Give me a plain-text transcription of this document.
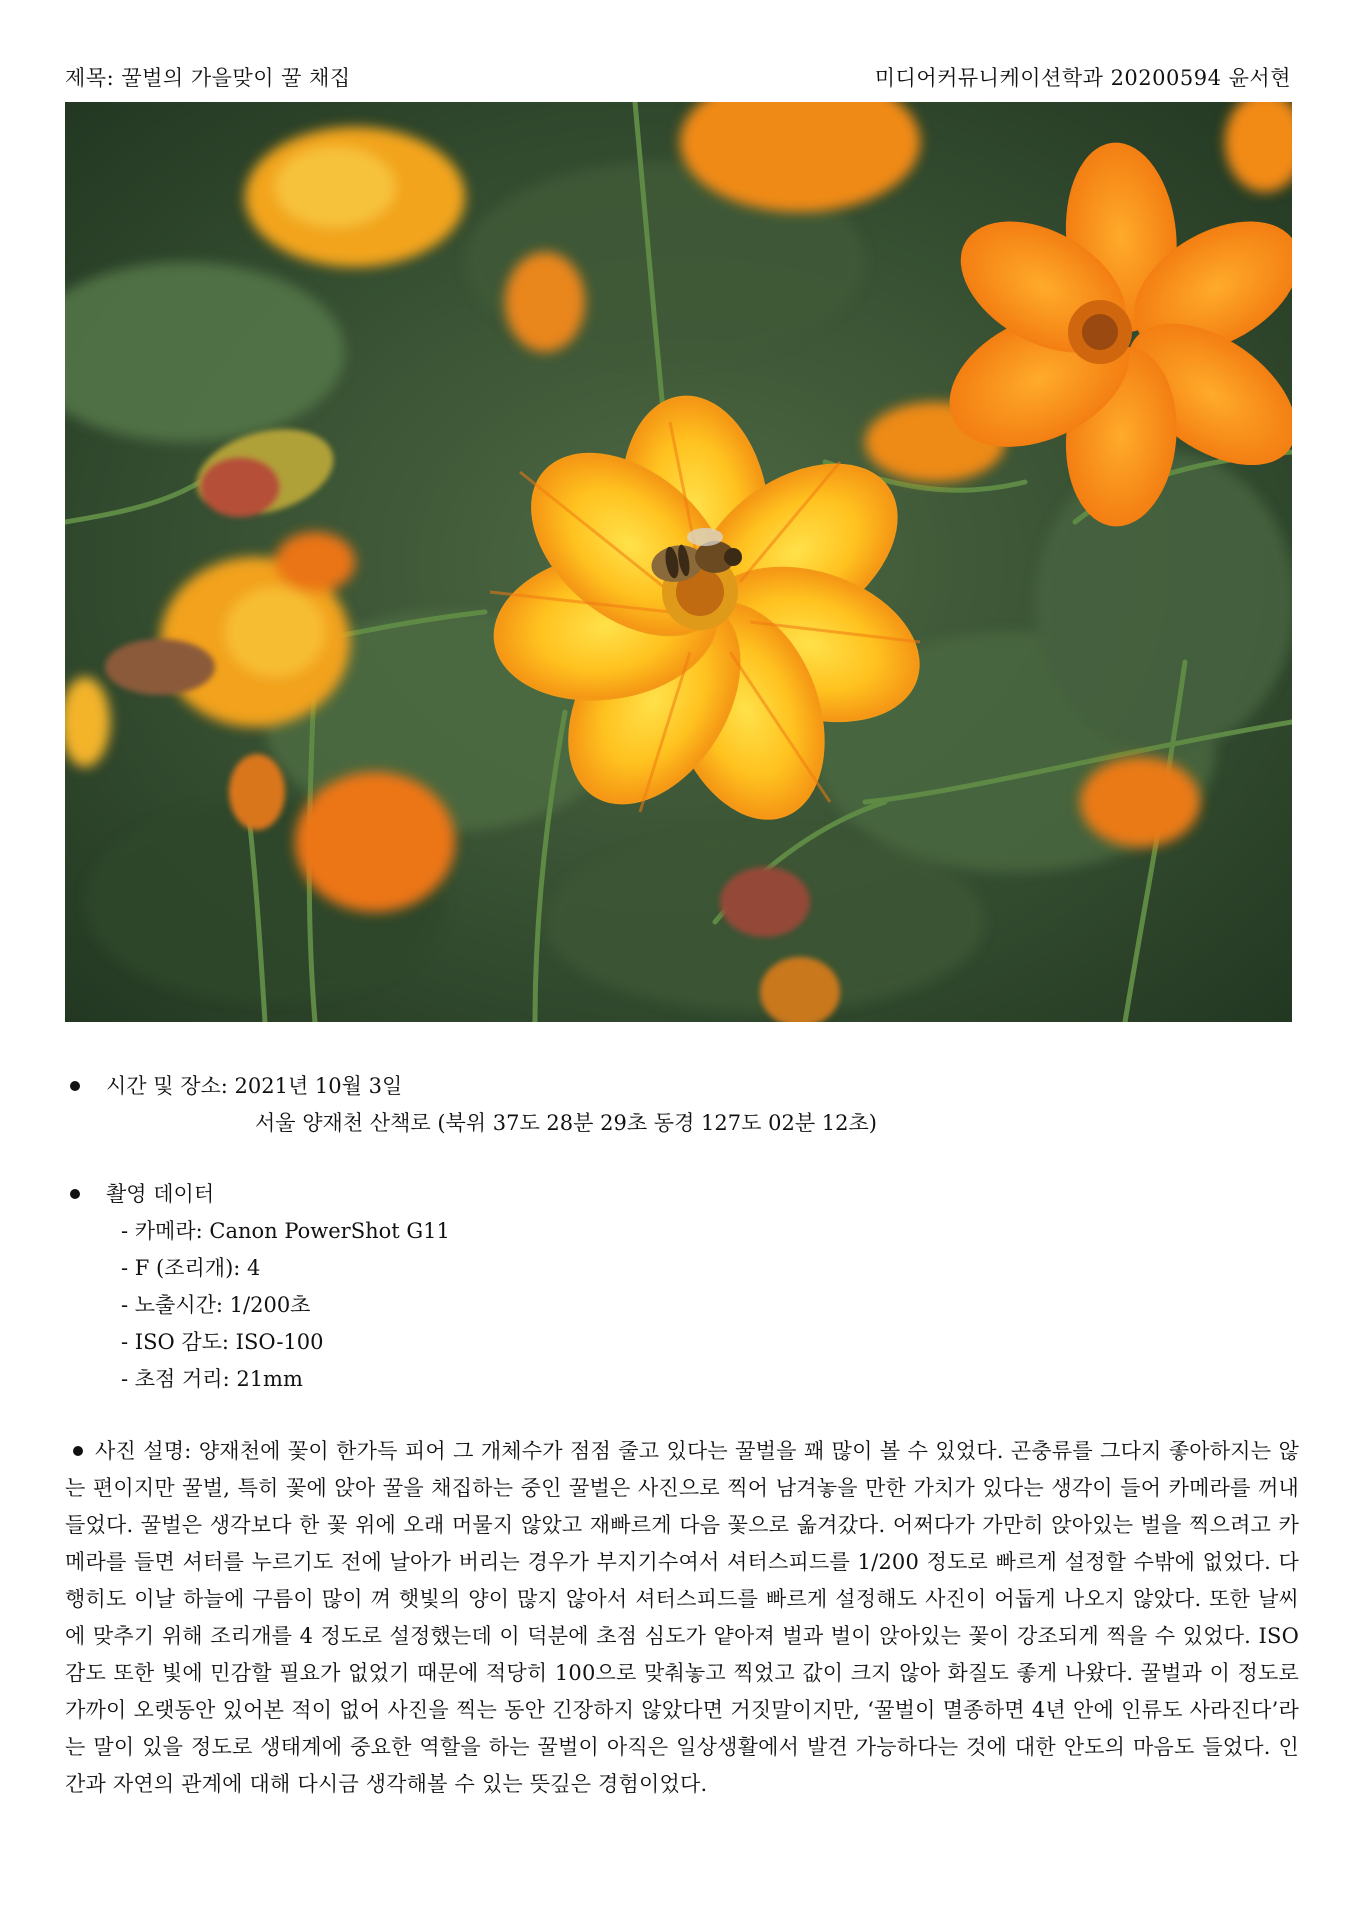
제목: 꿀벌의 가을맞이 꿀 채집	미디어커뮤니케이션학과 20200594 윤서현
시간 및 장소: 2021년 10월 3일
서울 양재천 산책로 (북위 37도 28분 29초 동경 127도 02분 12초)
촬영 데이터
- 카메라: Canon PowerShot G11
- F (조리개): 4
- 노출시간: 1/200초
- ISO 감도: ISO-100
- 초점 거리: 21mm
사진 설명: 양재천에 꽃이 한가득 피어 그 개체수가 점점 줄고 있다는 꿀벌을 꽤 많이 볼 수 있었다. 곤충류를 그다지 좋아하지는 않는 편이지만 꿀벌, 특히 꽃에 앉아 꿀을 채집하는 중인 꿀벌은 사진으로 찍어 남겨놓을 만한 가치가 있다는 생각이 들어 카메라를 꺼내 들었다. 꿀벌은 생각보다 한 꽃 위에 오래 머물지 않았고 재빠르게 다음 꽃으로 옮겨갔다. 어쩌다가 가만히 앉아있는 벌을 찍으려고 카메라를 들면 셔터를 누르기도 전에 날아가 버리는 경우가 부지기수여서 셔터스피드를 1/200 정도로 빠르게 설정할 수밖에 없었다. 다행히도 이날 하늘에 구름이 많이 껴 햇빛의 양이 많지 않아서 셔터스피드를 빠르게 설정해도 사진이 어둡게 나오지 않았다. 또한 날씨에 맞추기 위해 조리개를 4 정도로 설정했는데 이 덕분에 초점 심도가 얕아져 벌과 벌이 앉아있는 꽃이 강조되게 찍을 수 있었다. ISO 감도 또한 빛에 민감할 필요가 없었기 때문에 적당히 100으로 맞춰놓고 찍었고 값이 크지 않아 화질도 좋게 나왔다. 꿀벌과 이 정도로 가까이 오랫동안 있어본 적이 없어 사진을 찍는 동안 긴장하지 않았다면 거짓말이지만, ‘꿀벌이 멸종하면 4년 안에 인류도 사라진다’라는 말이 있을 정도로 생태계에 중요한 역할을 하는 꿀벌이 아직은 일상생활에서 발견 가능하다는 것에 대한 안도의 마음도 들었다. 인간과 자연의 관계에 대해 다시금 생각해볼 수 있는 뜻깊은 경험이었다.
